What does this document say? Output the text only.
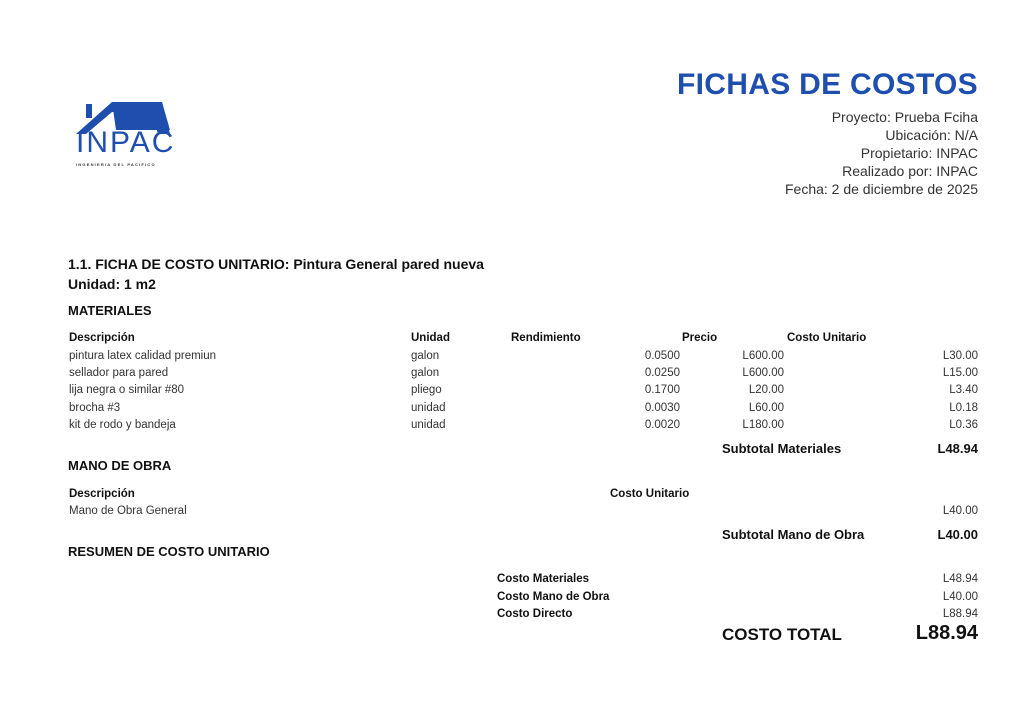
INPAC
INGENIERIA DEL PACIFICO
FICHAS DE COSTOS
Proyecto: Prueba Fciha
Ubicación: N/A
Propietario: INPAC
Realizado por: INPAC
Fecha: 2 de diciembre de 2025
1.1. FICHA DE COSTO UNITARIO: Pintura General pared nueva
Unidad: 1 m2
MATERIALES
Descripción	Unidad	Rendimiento	Precio	Costo Unitario
pintura latex calidad premiun	galon	0.0500	L600.00	L30.00
sellador para pared	galon	0.0250	L600.00	L15.00
lija negra o similar #80	pliego	0.1700	L20.00	L3.40
brocha #3	unidad	0.0030	L60.00	L0.18
kit de rodo y bandeja	unidad	0.0020	L180.00	L0.36
Subtotal Materiales	L48.94
MANO DE OBRA
Descripción	Costo Unitario
Mano de Obra General	L40.00
Subtotal Mano de Obra	L40.00
RESUMEN DE COSTO UNITARIO
Costo Materiales	L48.94
Costo Mano de Obra	L40.00
Costo Directo	L88.94
COSTO TOTAL	L88.94
